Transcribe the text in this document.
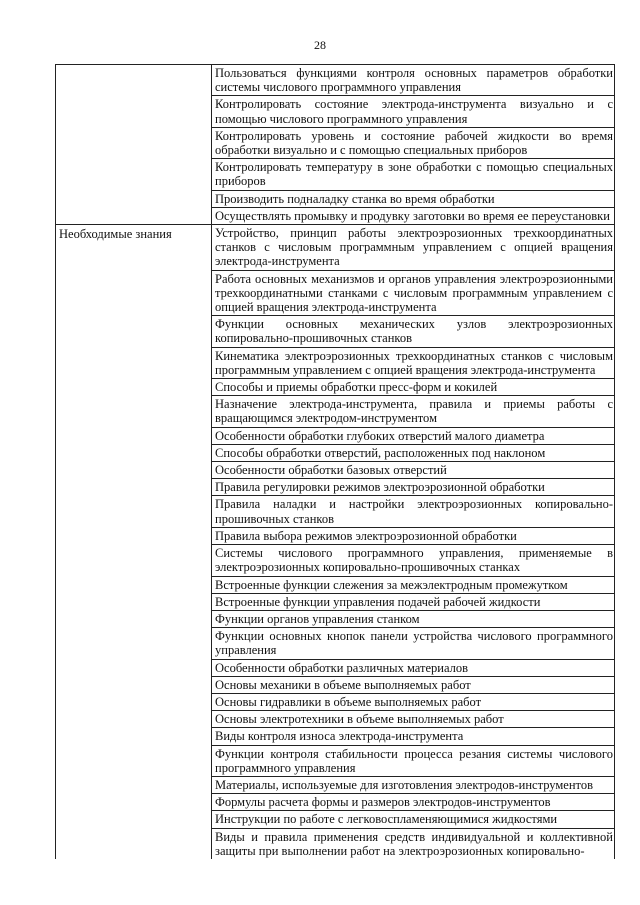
28
	Пользоваться функциями контроля основных параметров обработки системы числового программного управления
	Контролировать состояние электрода-инструмента визуально и с помощью числового программного управления
	Контролировать уровень и состояние рабочей жидкости во время обработки визуально и с помощью специальных приборов
	Контролировать температуру в зоне обработки с помощью специальных приборов
	Производить подналадку станка во время обработки
	Осуществлять промывку и продувку заготовки во время ее переустановки
Необходимые знания	Устройство, принцип работы электроэрозионных трехкоординатных станков с числовым программным управлением с опцией вращения электрода-инструмента
	Работа основных механизмов и органов управления электроэрозионными трехкоординатными станками с числовым программным управлением с опцией вращения электрода-инструмента
	Функции основных механических узлов электроэрозионных копировально-прошивочных станков
	Кинематика электроэрозионных трехкоординатных станков с числовым программным управлением с опцией вращения электрода-инструмента
	Способы и приемы обработки пресс-форм и кокилей
	Назначение электрода-инструмента, правила и приемы работы с вращающимся электродом-инструментом
	Особенности обработки глубоких отверстий малого диаметра
	Способы обработки отверстий, расположенных под наклоном
	Особенности обработки базовых отверстий
	Правила регулировки режимов электроэрозионной обработки
	Правила наладки и настройки электроэрозионных копировально-прошивочных станков
	Правила выбора режимов электроэрозионной обработки
	Системы числового программного управления, применяемые в электроэрозионных копировально-прошивочных станках
	Встроенные функции слежения за межэлектродным промежутком
	Встроенные функции управления подачей рабочей жидкости
	Функции органов управления станком
	Функции основных кнопок панели устройства числового программного управления
	Особенности обработки различных материалов
	Основы механики в объеме выполняемых работ
	Основы гидравлики в объеме выполняемых работ
	Основы электротехники в объеме выполняемых работ
	Виды контроля износа электрода-инструмента
	Функции контроля стабильности процесса резания системы числового программного управления
	Материалы, используемые для изготовления электродов-инструментов
	Формулы расчета формы и размеров электродов-инструментов
	Инструкции по работе с легковоспламеняющимися жидкостями
	Виды и правила применения средств индивидуальной и коллективной защиты при выполнении работ на электроэрозионных копировально-
